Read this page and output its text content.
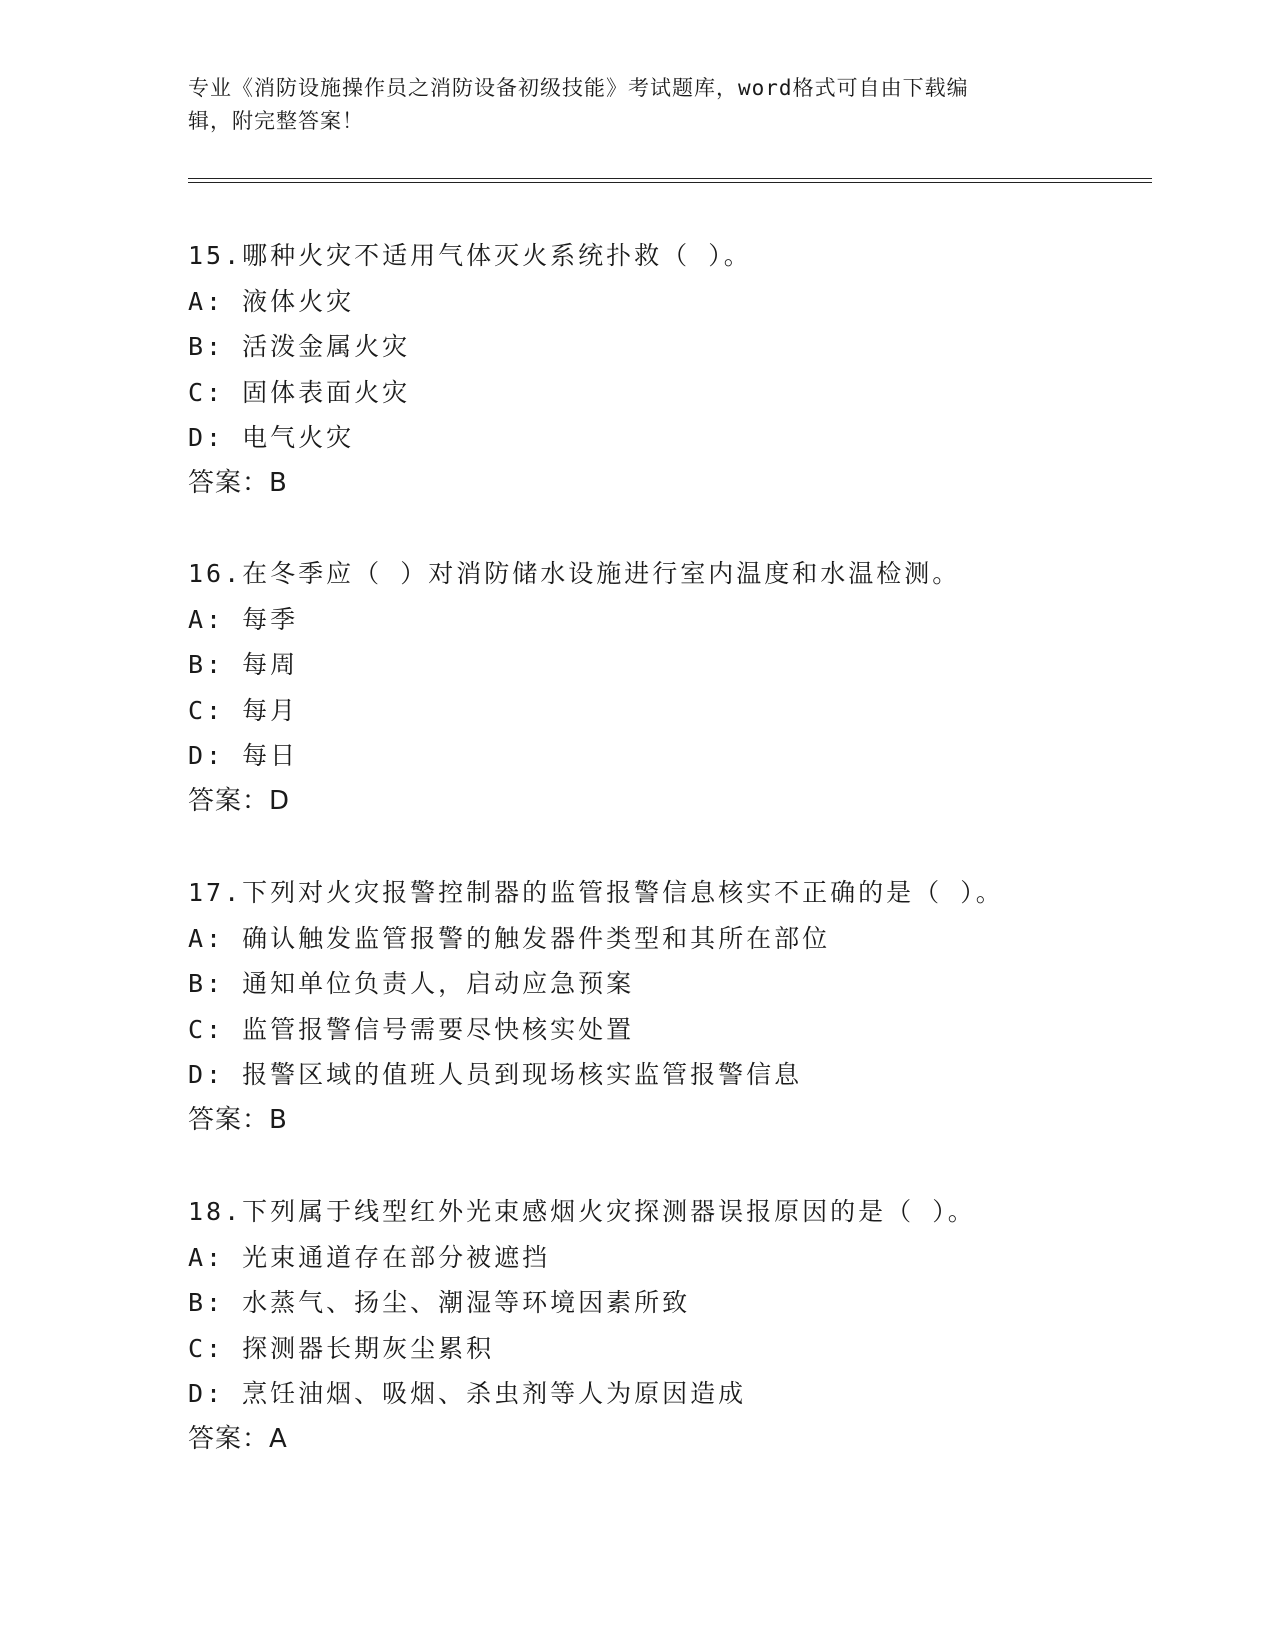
专业《消防设施操作员之消防设备初级技能》考试题库，word格式可自由下载编
辑，附完整答案！
15.哪种火灾不适用气体灭火系统扑救（ ）。
A: 液体火灾
B: 活泼金属火灾
C: 固体表面火灾
D: 电气火灾
答案：B
16.在冬季应（ ）对消防储水设施进行室内温度和水温检测。
A: 每季
B: 每周
C: 每月
D: 每日
答案：D
17.下列对火灾报警控制器的监管报警信息核实不正确的是（ ）。
A: 确认触发监管报警的触发器件类型和其所在部位
B: 通知单位负责人，启动应急预案
C: 监管报警信号需要尽快核实处置
D: 报警区域的值班人员到现场核实监管报警信息
答案：B
18.下列属于线型红外光束感烟火灾探测器误报原因的是（ ）。
A: 光束通道存在部分被遮挡
B: 水蒸气、扬尘、潮湿等环境因素所致
C: 探测器长期灰尘累积
D: 烹饪油烟、吸烟、杀虫剂等人为原因造成
答案：A
